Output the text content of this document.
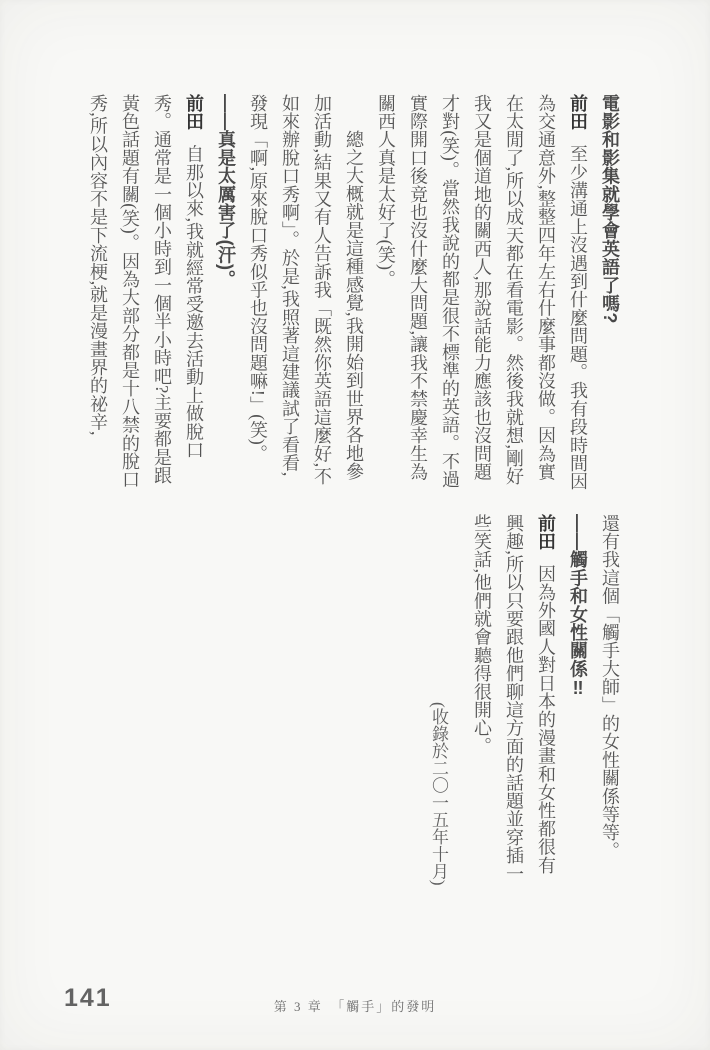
電影和影集就學會英語了嗎?

前田至少溝通上沒遇到什麼問題。我有段時間因為交通意外,整整四年左右什麼事都沒做。因為實在太閒了,所以成天都在看電影。然後我就想,剛好我又是個道地的關西人,那說話能力應該也沒問題才對(笑)。當然我說的都是很不標準的英語。不過實際開口後竟也沒什麼大問題,讓我不禁慶幸生為關西人真是太好了(笑)。

總之大概就是這種感覺,我開始到世界各地參加活動,結果又有人告訴我「既然你英語這麼好,不如來辦脫口秀啊」。於是,我照著這建議試了看看,發現「啊,原來脫口秀似乎也沒問題嘛!」(笑)。

——真是太厲害了(汗)。

前田自那以來,我就經常受邀去活動上做脫口秀。通常是一個小時到一個半小時吧?主要都是跟黃色話題有關(笑)。因為大部分都是十八禁的脫口秀,所以內容不是下流梗,就是漫畫界的祕辛,

還有我這個「觸手大師」的女性關係等等。

——觸手和女性關係‼

前田因為外國人對日本的漫畫和女性都很有興趣,所以只要跟他們聊這方面的話題並穿插一些笑話,他們就會聽得很開心。

(收錄於二〇一五年十月)

141	第 3 章　「觸手」的發明
